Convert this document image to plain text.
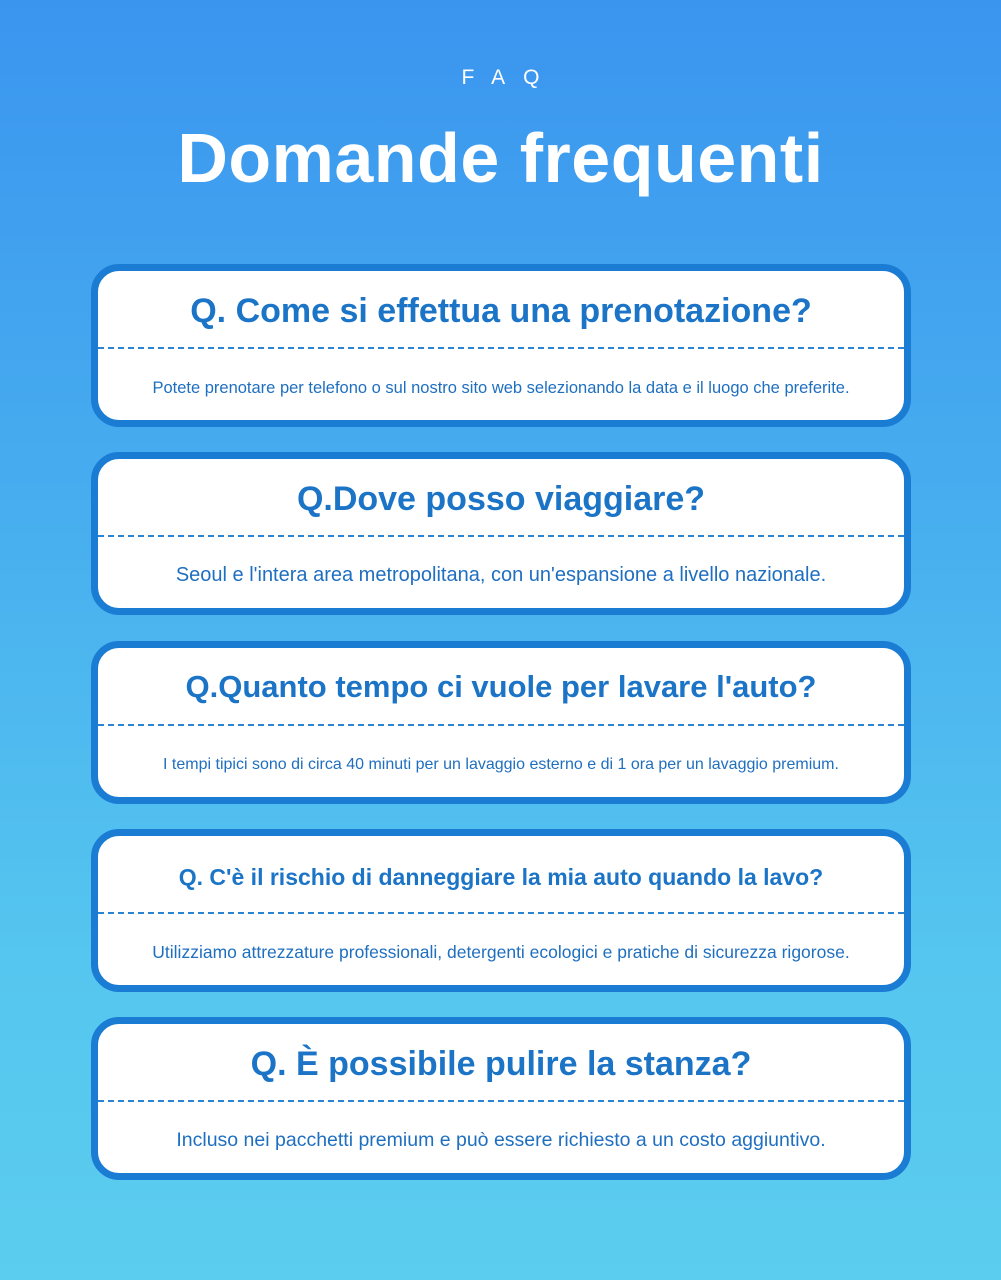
FAQ
Domande frequenti
Q. Come si effettua una prenotazione?
Potete prenotare per telefono o sul nostro sito web selezionando la data e il luogo che preferite.
Q.Dove posso viaggiare?
Seoul e l'intera area metropolitana, con un'espansione a livello nazionale.
Q.Quanto tempo ci vuole per lavare l'auto?
I tempi tipici sono di circa 40 minuti per un lavaggio esterno e di 1 ora per un lavaggio premium.
Q. C'è il rischio di danneggiare la mia auto quando la lavo?
Utilizziamo attrezzature professionali, detergenti ecologici e pratiche di sicurezza rigorose.
Q. È possibile pulire la stanza?
Incluso nei pacchetti premium e può essere richiesto a un costo aggiuntivo.
